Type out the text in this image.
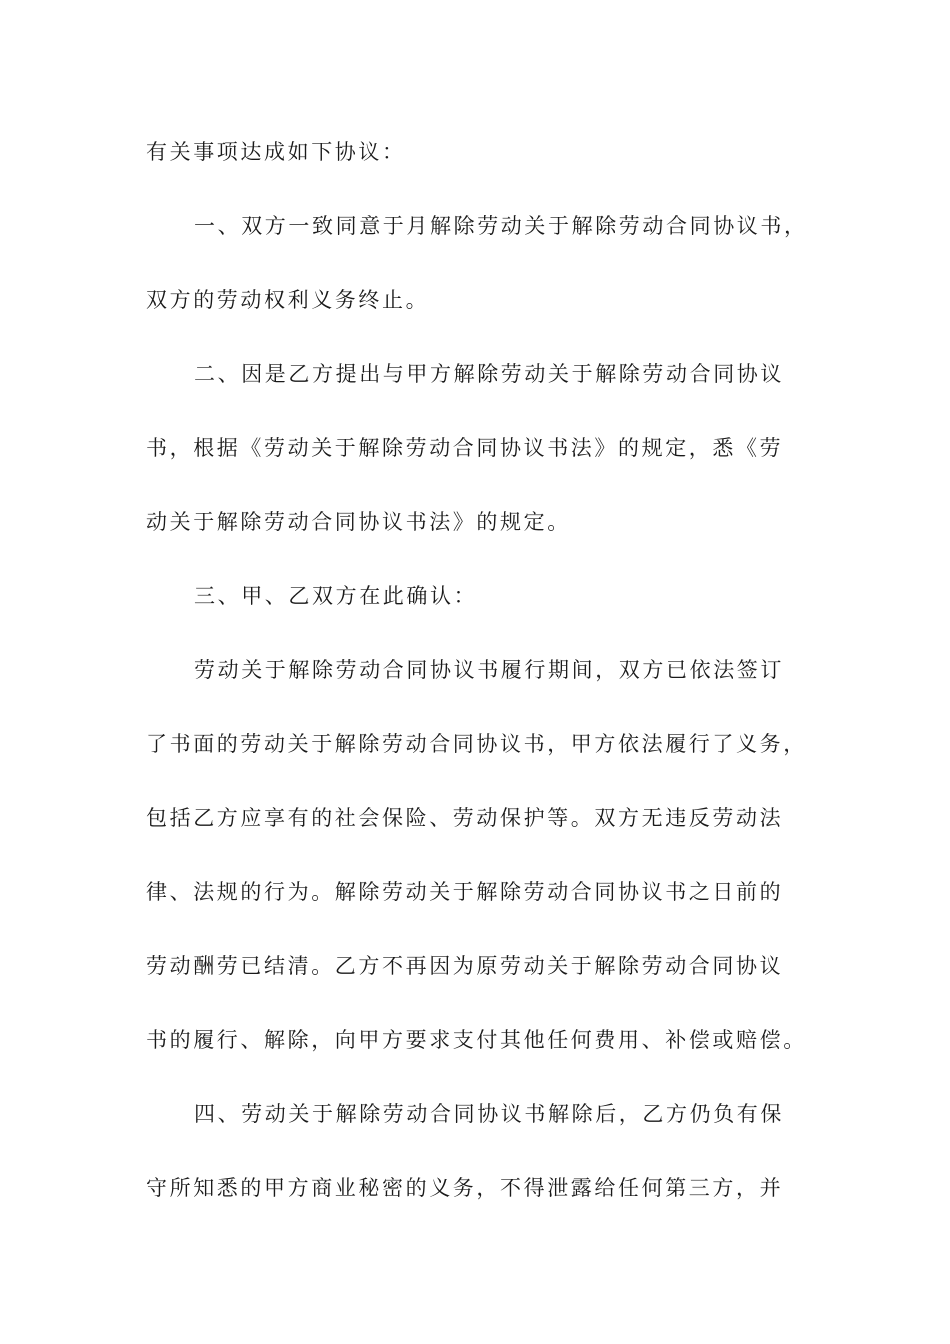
有关事项达成如下协议：
一、双方一致同意于月解除劳动关于解除劳动合同协议书，
双方的劳动权利义务终止。
二、因是乙方提出与甲方解除劳动关于解除劳动合同协议
书，根据《劳动关于解除劳动合同协议书法》的规定，悉《劳
动关于解除劳动合同协议书法》的规定。
三、甲、乙双方在此确认：
劳动关于解除劳动合同协议书履行期间，双方已依法签订
了书面的劳动关于解除劳动合同协议书，甲方依法履行了义务，
包括乙方应享有的社会保险、劳动保护等。双方无违反劳动法
律、法规的行为。解除劳动关于解除劳动合同协议书之日前的
劳动酬劳已结清。乙方不再因为原劳动关于解除劳动合同协议
书的履行、解除，向甲方要求支付其他任何费用、补偿或赔偿。
四、劳动关于解除劳动合同协议书解除后，乙方仍负有保
守所知悉的甲方商业秘密的义务，不得泄露给任何第三方，并
